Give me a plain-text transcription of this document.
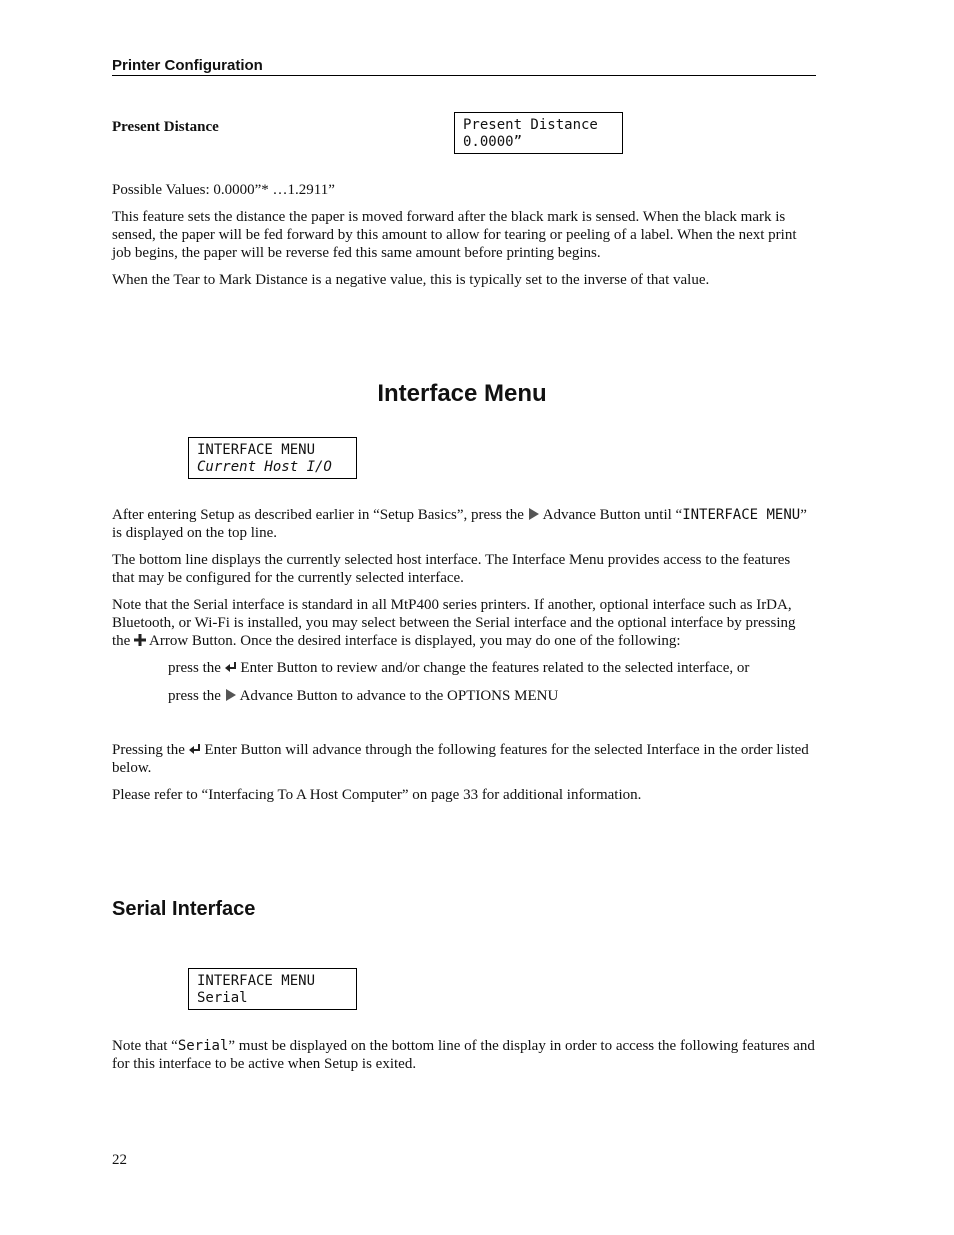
Printer Configuration
Present Distance	Present Distance
0.0000”

Possible Values: 0.0000”* …1.2911”

This feature sets the distance the paper is moved forward after the black mark is sensed. When the black mark is sensed, the paper will be fed forward by this amount to allow for tearing or peeling of a label. When the next print job begins, the paper will be reverse fed this same amount before printing begins.

When the Tear to Mark Distance is a negative value, this is typically set to the inverse of that value.

Interface Menu
INTERFACE MENU
Current Host I/O

After entering Setup as described earlier in “Setup Basics”, press the  Advance Button until “INTERFACE MENU” is displayed on the top line.

The bottom line displays the currently selected host interface. The Interface Menu provides access to the features that may be configured for the currently selected interface.

Note that the Serial interface is standard in all MtP400 series printers. If another, optional interface such as IrDA, Bluetooth, or Wi-Fi is installed, you may select between the Serial interface and the optional interface by pressing the  Arrow Button. Once the desired interface is displayed, you may do one of the following:

press the  Enter Button to review and/or change the features related to the selected interface, or

press the  Advance Button to advance to the OPTIONS MENU

Pressing the  Enter Button will advance through the following features for the selected Interface in the order listed below.

Please refer to “Interfacing To A Host Computer” on page 33 for additional information.

Serial Interface
INTERFACE MENU
Serial

Note that “Serial” must be displayed on the bottom line of the display in order to access the following features and for this interface to be active when Setup is exited.

22
